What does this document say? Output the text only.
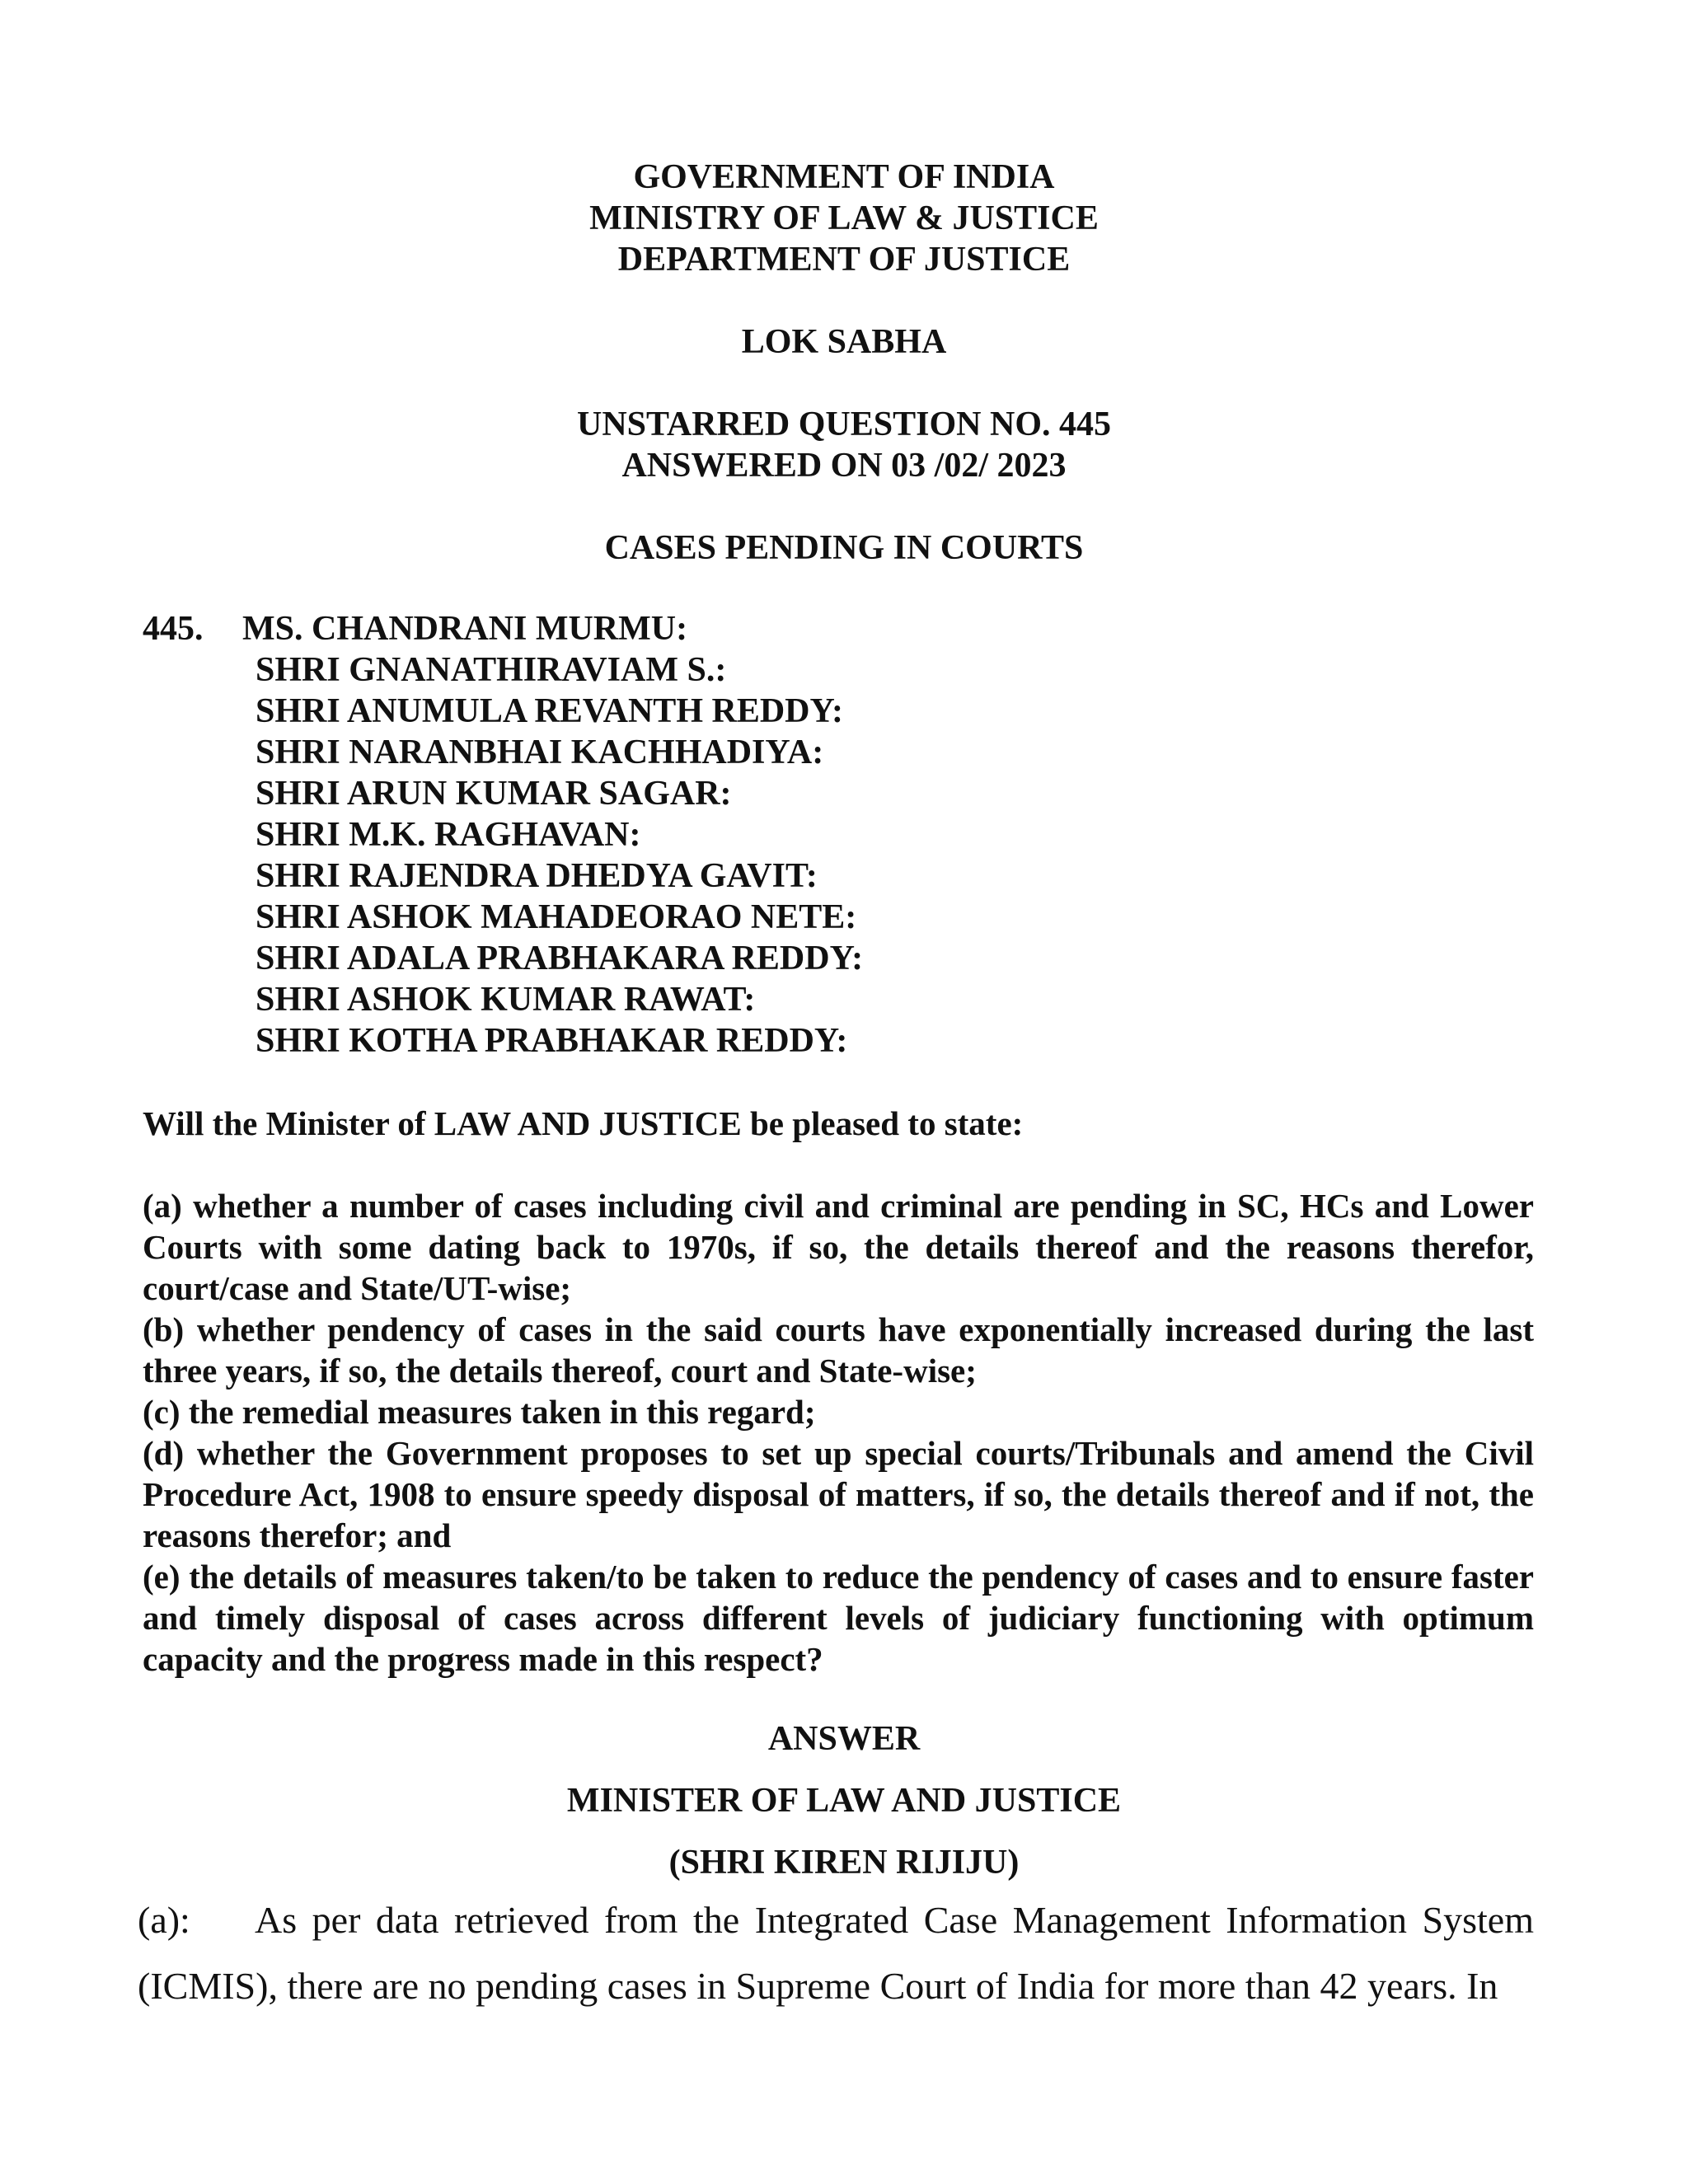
GOVERNMENT OF INDIA

MINISTRY OF LAW & JUSTICE

DEPARTMENT OF JUSTICE

LOK SABHA

UNSTARRED QUESTION NO. 445

ANSWERED ON 03 /02/ 2023

CASES PENDING IN COURTS

445. MS. CHANDRANI MURMU:

SHRI GNANATHIRAVIAM S.:

SHRI ANUMULA REVANTH REDDY:

SHRI NARANBHAI KACHHADIYA:

SHRI ARUN KUMAR SAGAR:

SHRI M.K. RAGHAVAN:

SHRI RAJENDRA DHEDYA GAVIT:

SHRI ASHOK MAHADEORAO NETE:

SHRI ADALA PRABHAKARA REDDY:

SHRI ASHOK KUMAR RAWAT:

SHRI KOTHA PRABHAKAR REDDY:

Will the Minister of LAW AND JUSTICE be pleased to state:

(a) whether a number of cases including civil and criminal are pending in SC, HCs and Lower Courts with some dating back to 1970s, if so, the details thereof and the reasons therefor, court/case and State/UT-wise;
(b) whether pendency of cases in the said courts have exponentially increased during the last three years, if so, the details thereof, court and State-wise;
(c) the remedial measures taken in this regard;
(d) whether the Government proposes to set up special courts/Tribunals and amend the Civil Procedure Act, 1908 to ensure speedy disposal of matters, if so, the details thereof and if not, the reasons therefor; and
(e) the details of measures taken/to be taken to reduce the pendency of cases and to ensure faster and timely disposal of cases across different levels of judiciary functioning with optimum capacity and the progress made in this respect?

ANSWER

MINISTER OF LAW AND JUSTICE

(SHRI KIREN RIJIJU)

(a): As per data retrieved from the Integrated Case Management Information System (ICMIS), there are no pending cases in Supreme Court of India for more than 42 years. In
